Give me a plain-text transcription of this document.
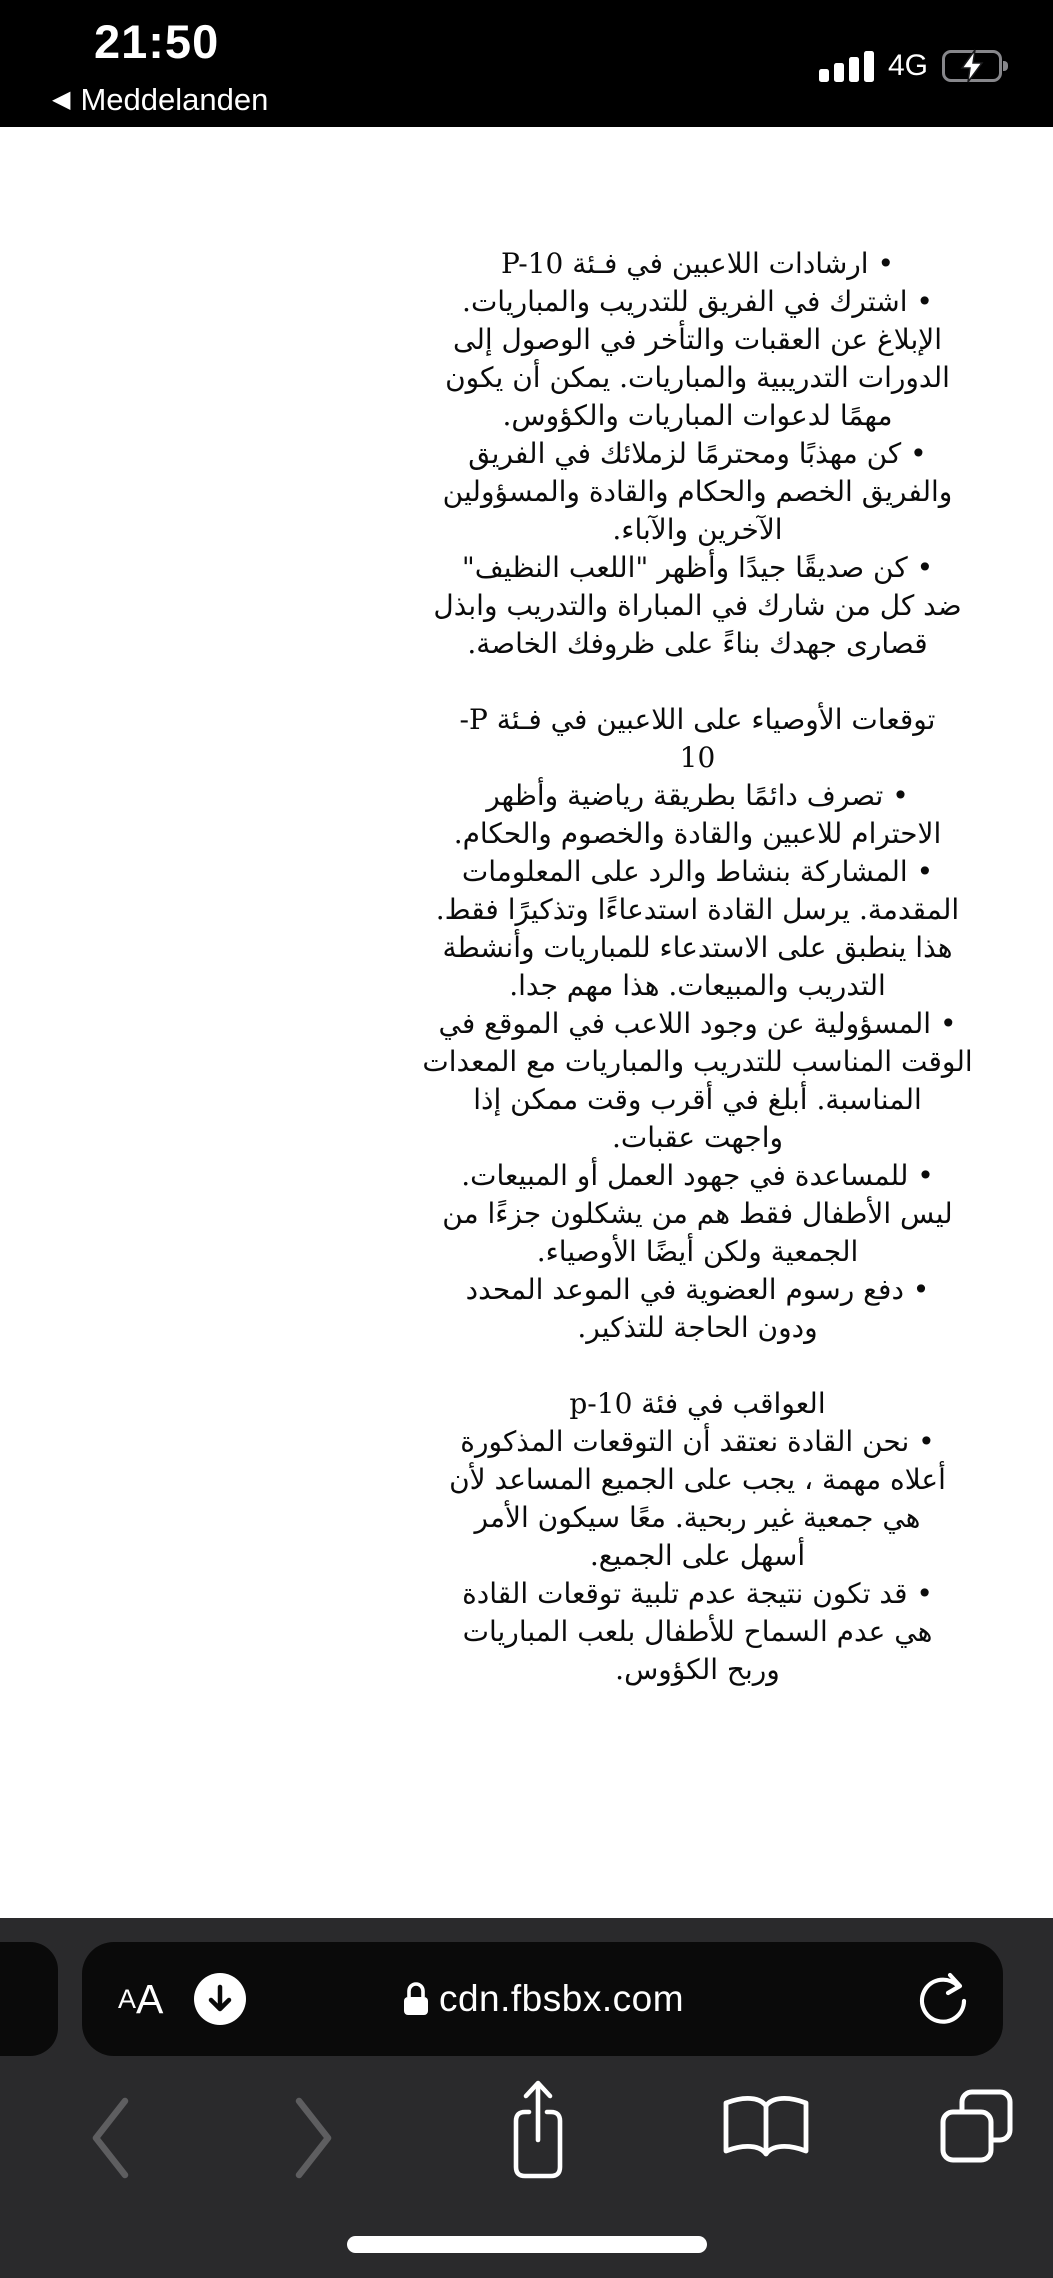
21:50
◀ Meddelanden
4G
• ارشادات اللاعبين في فـئة P-10
• اشترك في الفريق للتدريب والمباريات.
الإبلاغ عن العقبات والتأخر في الوصول إلى
الدورات التدريبية والمباريات. يمكن أن يكون
مهمًا لدعوات المباريات والكؤوس.
• كن مهذبًا ومحترمًا لزملائك في الفريق
والفريق الخصم والحكام والقادة والمسؤولين
الآخرين والآباء.
• كن صديقًا جيدًا وأظهر "اللعب النظيف"
ضد كل من شارك في المباراة والتدريب وابذل
قصارى جهدك بناءً على ظروفك الخاصة.
توقعات الأوصياء على اللاعبين في فـئة P-
10
• تصرف دائمًا بطريقة رياضية وأظهر
الاحترام للاعبين والقادة والخصوم والحكام.
• المشاركة بنشاط والرد على المعلومات
المقدمة. يرسل القادة استدعاءًا وتذكيرًا فقط.
هذا ينطبق على الاستدعاء للمباريات وأنشطة
التدريب والمبيعات. هذا مهم جدا.
• المسؤولية عن وجود اللاعب في الموقع في
الوقت المناسب للتدريب والمباريات مع المعدات
المناسبة. أبلغ في أقرب وقت ممكن إذا
واجهت عقبات.
• للمساعدة في جهود العمل أو المبيعات.
ليس الأطفال فقط هم من يشكلون جزءًا من
الجمعية ولكن أيضًا الأوصياء.
• دفع رسوم العضوية في الموعد المحدد
ودون الحاجة للتذكير.
العواقب في فئة p-10
• نحن القادة نعتقد أن التوقعات المذكورة
أعلاه مهمة ، يجب على الجميع المساعد لأن
هي جمعية غير ربحية. معًا سيكون الأمر
أسهل على الجميع.
• قد تكون نتيجة عدم تلبية توقعات القادة
هي عدم السماح للأطفال بلعب المباريات
وربح الكؤوس.
A A	cdn.fbsbx.com
